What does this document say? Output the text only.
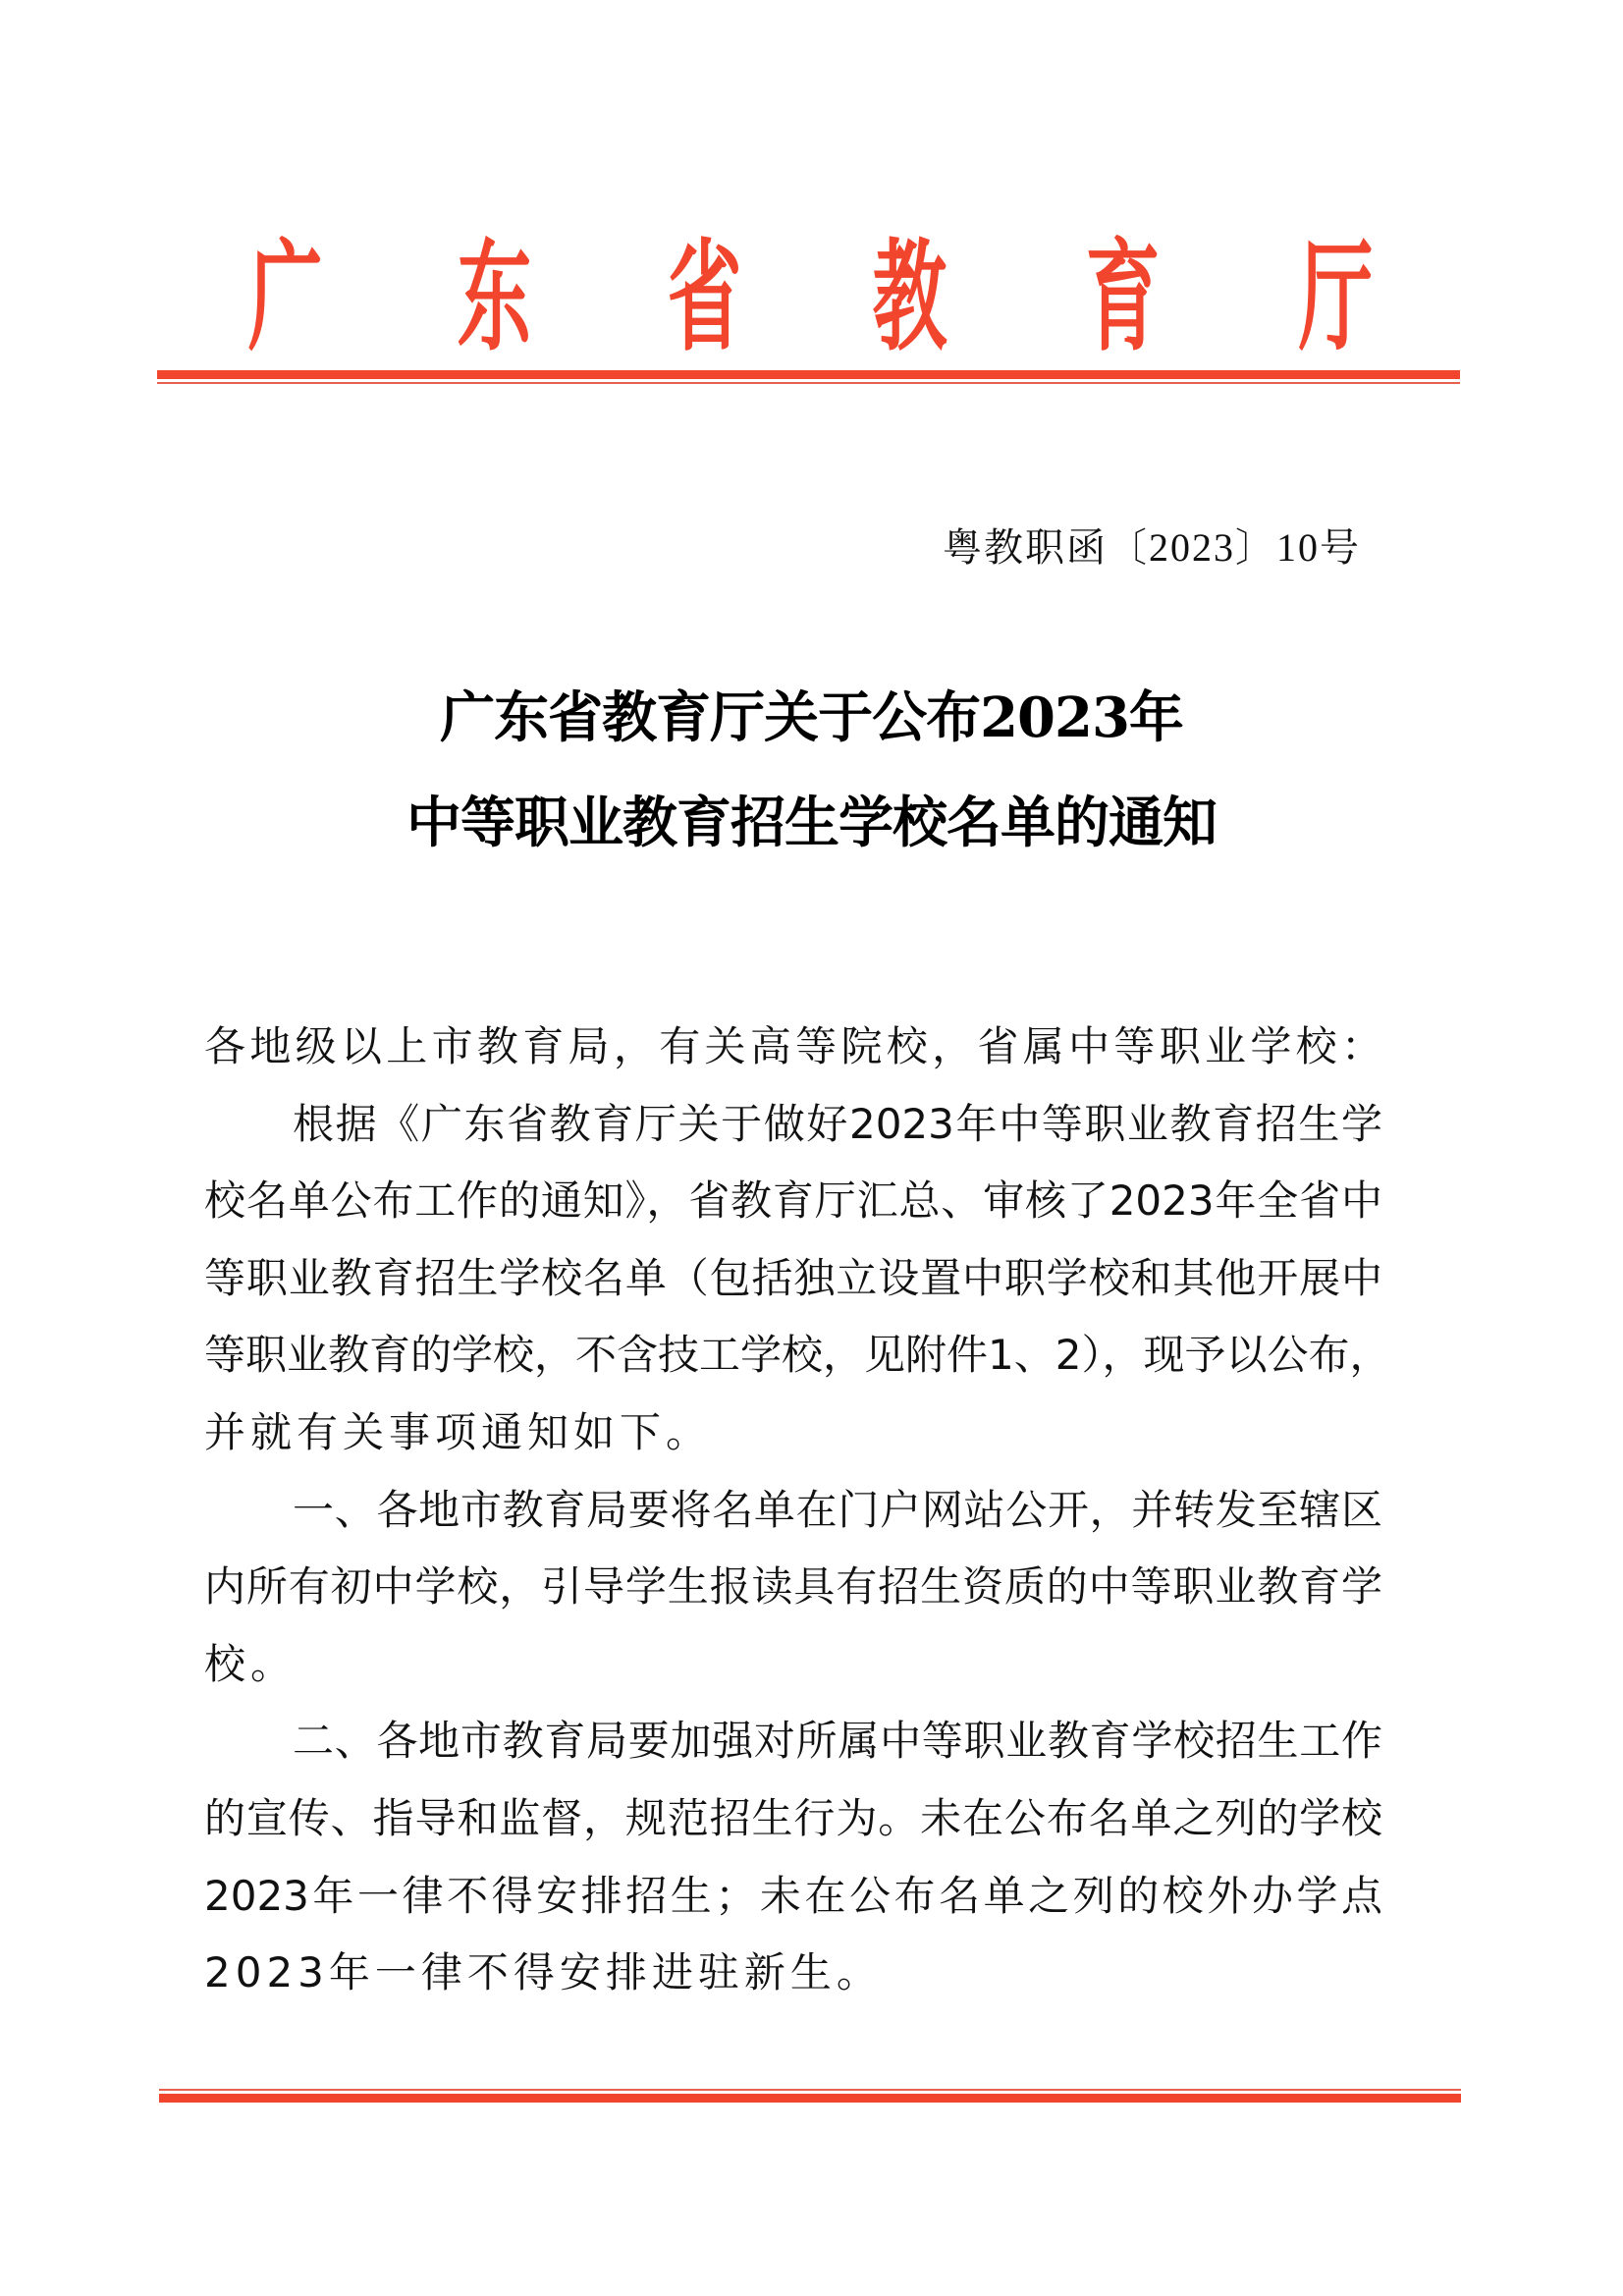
广 东 省 教 育 厅
粤教职函〔2023〕10号
广东省教育厅关于公布2023年
中等职业教育招生学校名单的通知
各地级以上市教育局，有关高等院校，省属中等职业学校：
根据《广东省教育厅关于做好2023年中等职业教育招生学
校名单公布工作的通知》，省教育厅汇总、审核了2023年全省中
等职业教育招生学校名单（包括独立设置中职学校和其他开展中
等职业教育的学校，不含技工学校，见附件1、2），现予以公布，
并就有关事项通知如下。
一、各地市教育局要将名单在门户网站公开，并转发至辖区
内所有初中学校，引导学生报读具有招生资质的中等职业教育学
校。
二、各地市教育局要加强对所属中等职业教育学校招生工作
的宣传、指导和监督，规范招生行为。未在公布名单之列的学校
2023年一律不得安排招生；未在公布名单之列的校外办学点
2023年一律不得安排进驻新生。
